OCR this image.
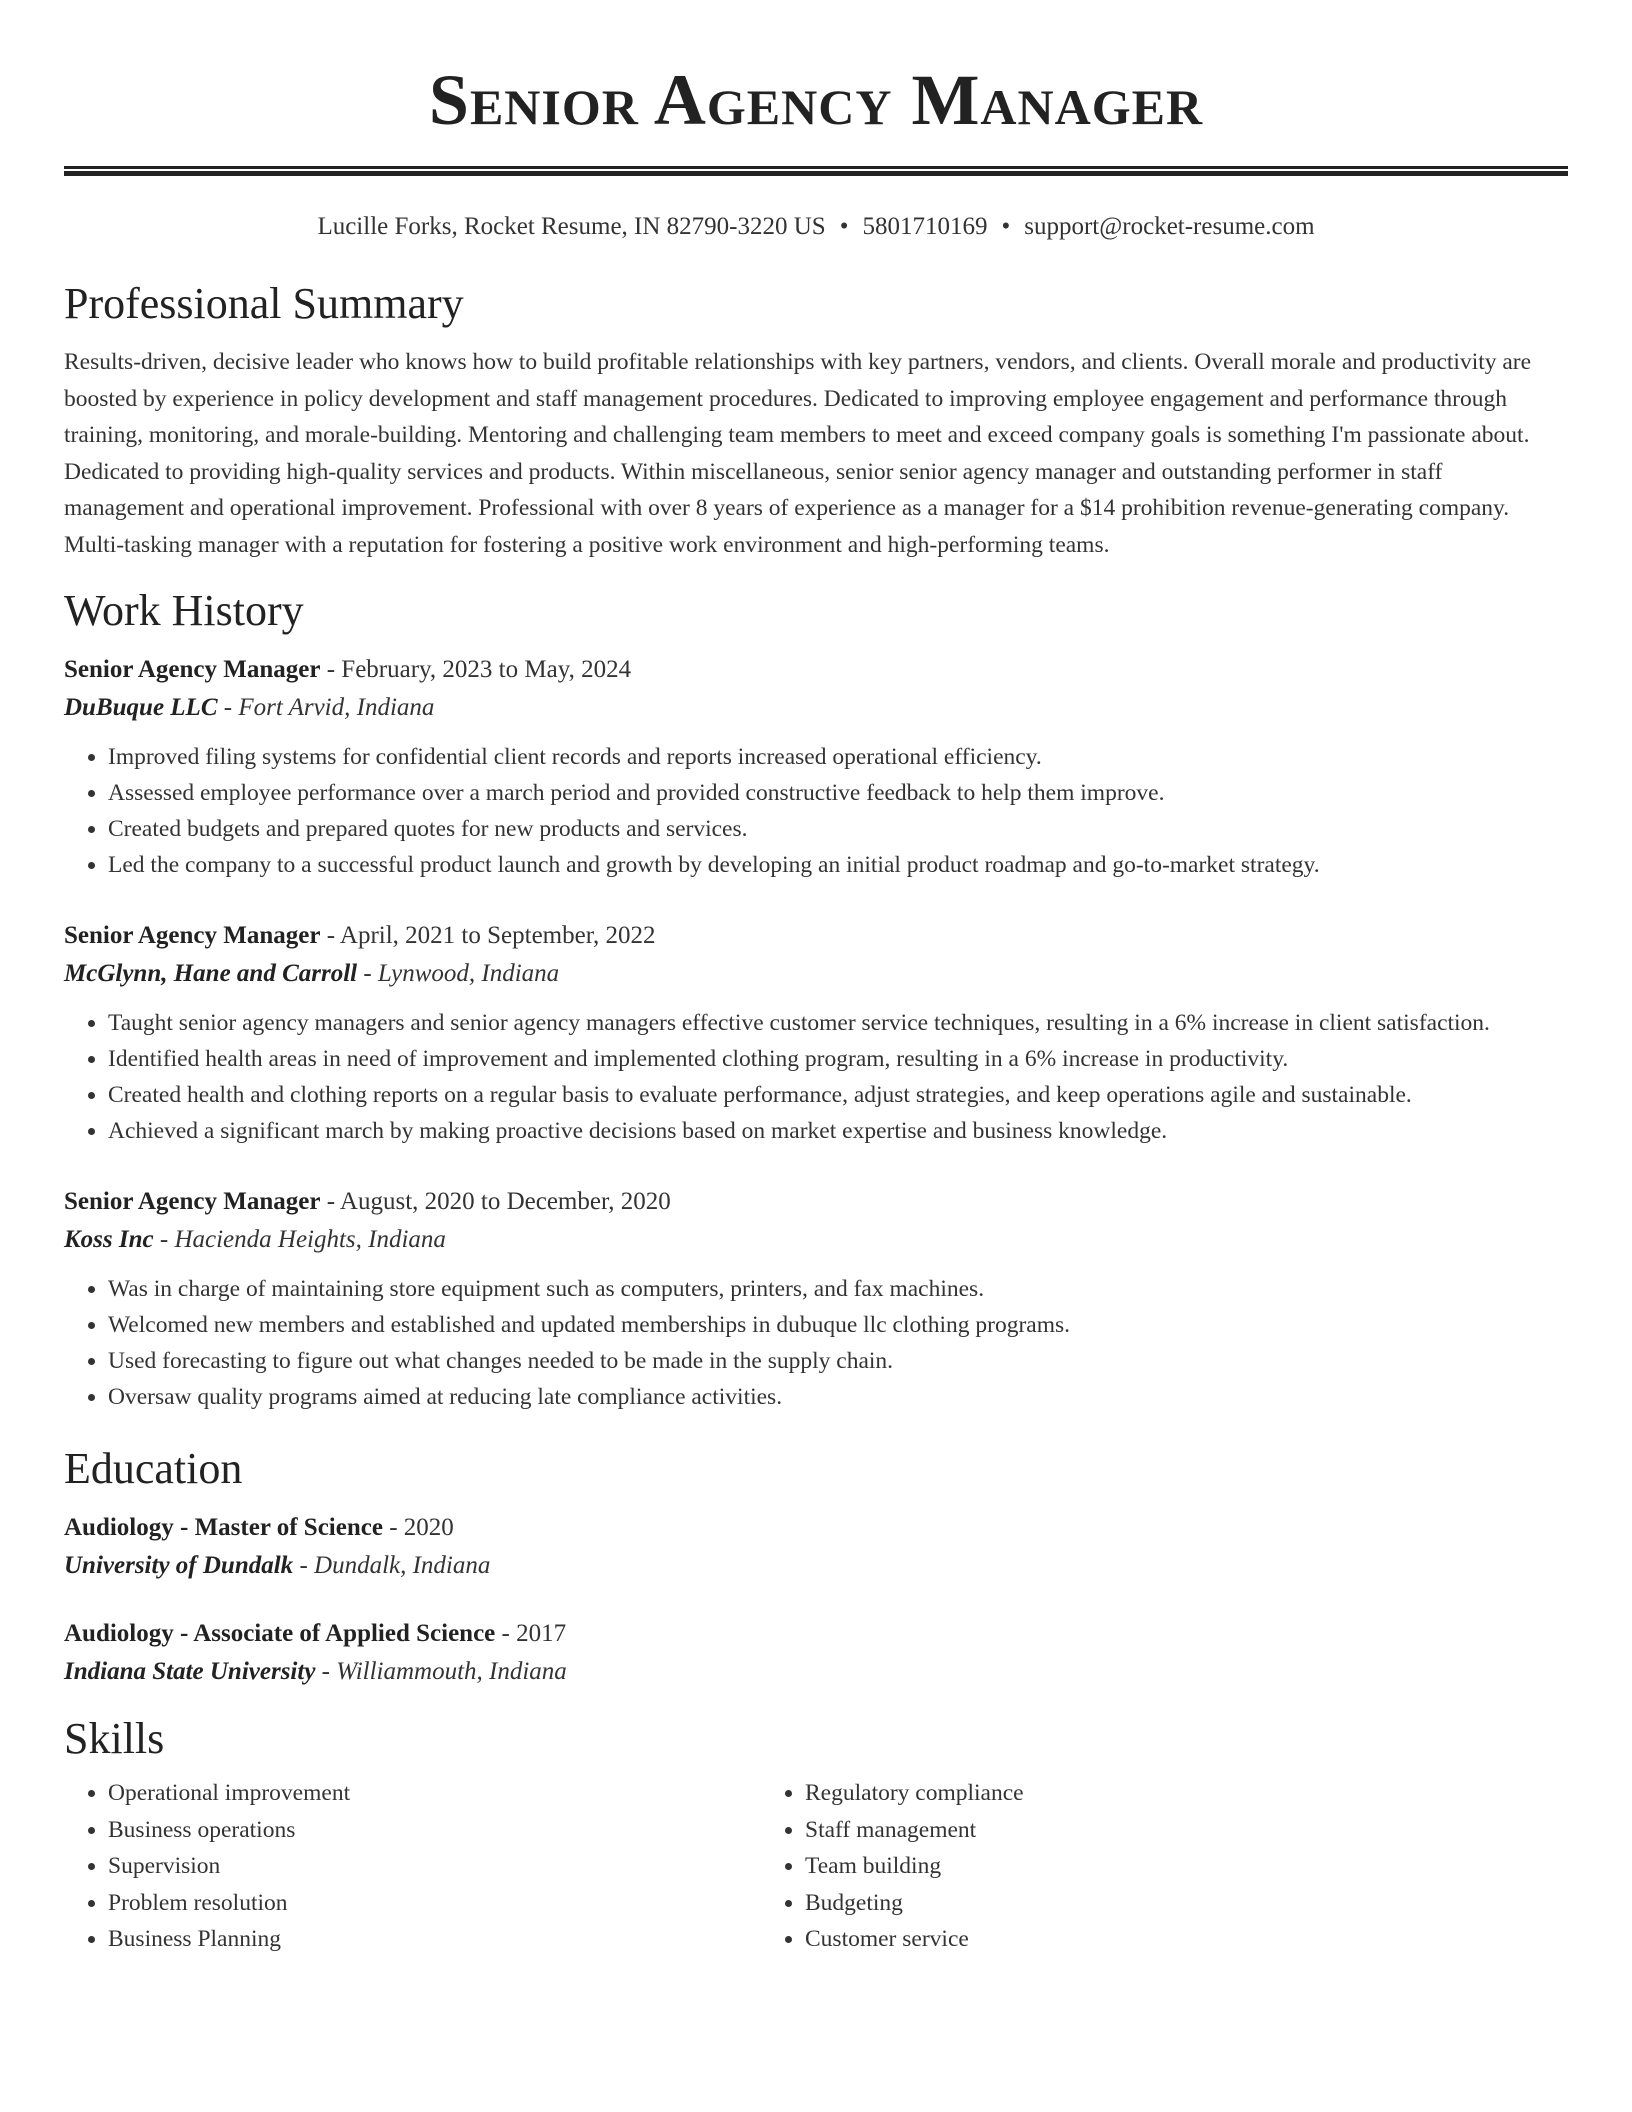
Senior Agency Manager
Lucille Forks, Rocket Resume, IN 82790-3220 US • 5801710169 • support@rocket-resume.com
Professional Summary
Results-driven, decisive leader who knows how to build profitable relationships with key partners, vendors, and clients. Overall morale and productivity are boosted by experience in policy development and staff management procedures. Dedicated to improving employee engagement and performance through training, monitoring, and morale-building. Mentoring and challenging team members to meet and exceed company goals is something I'm passionate about. Dedicated to providing high-quality services and products. Within miscellaneous, senior senior agency manager and outstanding performer in staff management and operational improvement. Professional with over 8 years of experience as a manager for a $14 prohibition revenue-generating company. Multi-tasking manager with a reputation for fostering a positive work environment and high-performing teams.
Work History
Senior Agency Manager - February, 2023 to May, 2024
DuBuque LLC - Fort Arvid, Indiana
• Improved filing systems for confidential client records and reports increased operational efficiency.
• Assessed employee performance over a march period and provided constructive feedback to help them improve.
• Created budgets and prepared quotes for new products and services.
• Led the company to a successful product launch and growth by developing an initial product roadmap and go-to-market strategy.
Senior Agency Manager - April, 2021 to September, 2022
McGlynn, Hane and Carroll - Lynwood, Indiana
• Taught senior agency managers and senior agency managers effective customer service techniques, resulting in a 6% increase in client satisfaction.
• Identified health areas in need of improvement and implemented clothing program, resulting in a 6% increase in productivity.
• Created health and clothing reports on a regular basis to evaluate performance, adjust strategies, and keep operations agile and sustainable.
• Achieved a significant march by making proactive decisions based on market expertise and business knowledge.
Senior Agency Manager - August, 2020 to December, 2020
Koss Inc - Hacienda Heights, Indiana
• Was in charge of maintaining store equipment such as computers, printers, and fax machines.
• Welcomed new members and established and updated memberships in dubuque llc clothing programs.
• Used forecasting to figure out what changes needed to be made in the supply chain.
• Oversaw quality programs aimed at reducing late compliance activities.
Education
Audiology - Master of Science - 2020
University of Dundalk - Dundalk, Indiana
Audiology - Associate of Applied Science - 2017
Indiana State University - Williammouth, Indiana
Skills
• Operational improvement
• Business operations
• Supervision
• Problem resolution
• Business Planning
• Regulatory compliance
• Staff management
• Team building
• Budgeting
• Customer service
